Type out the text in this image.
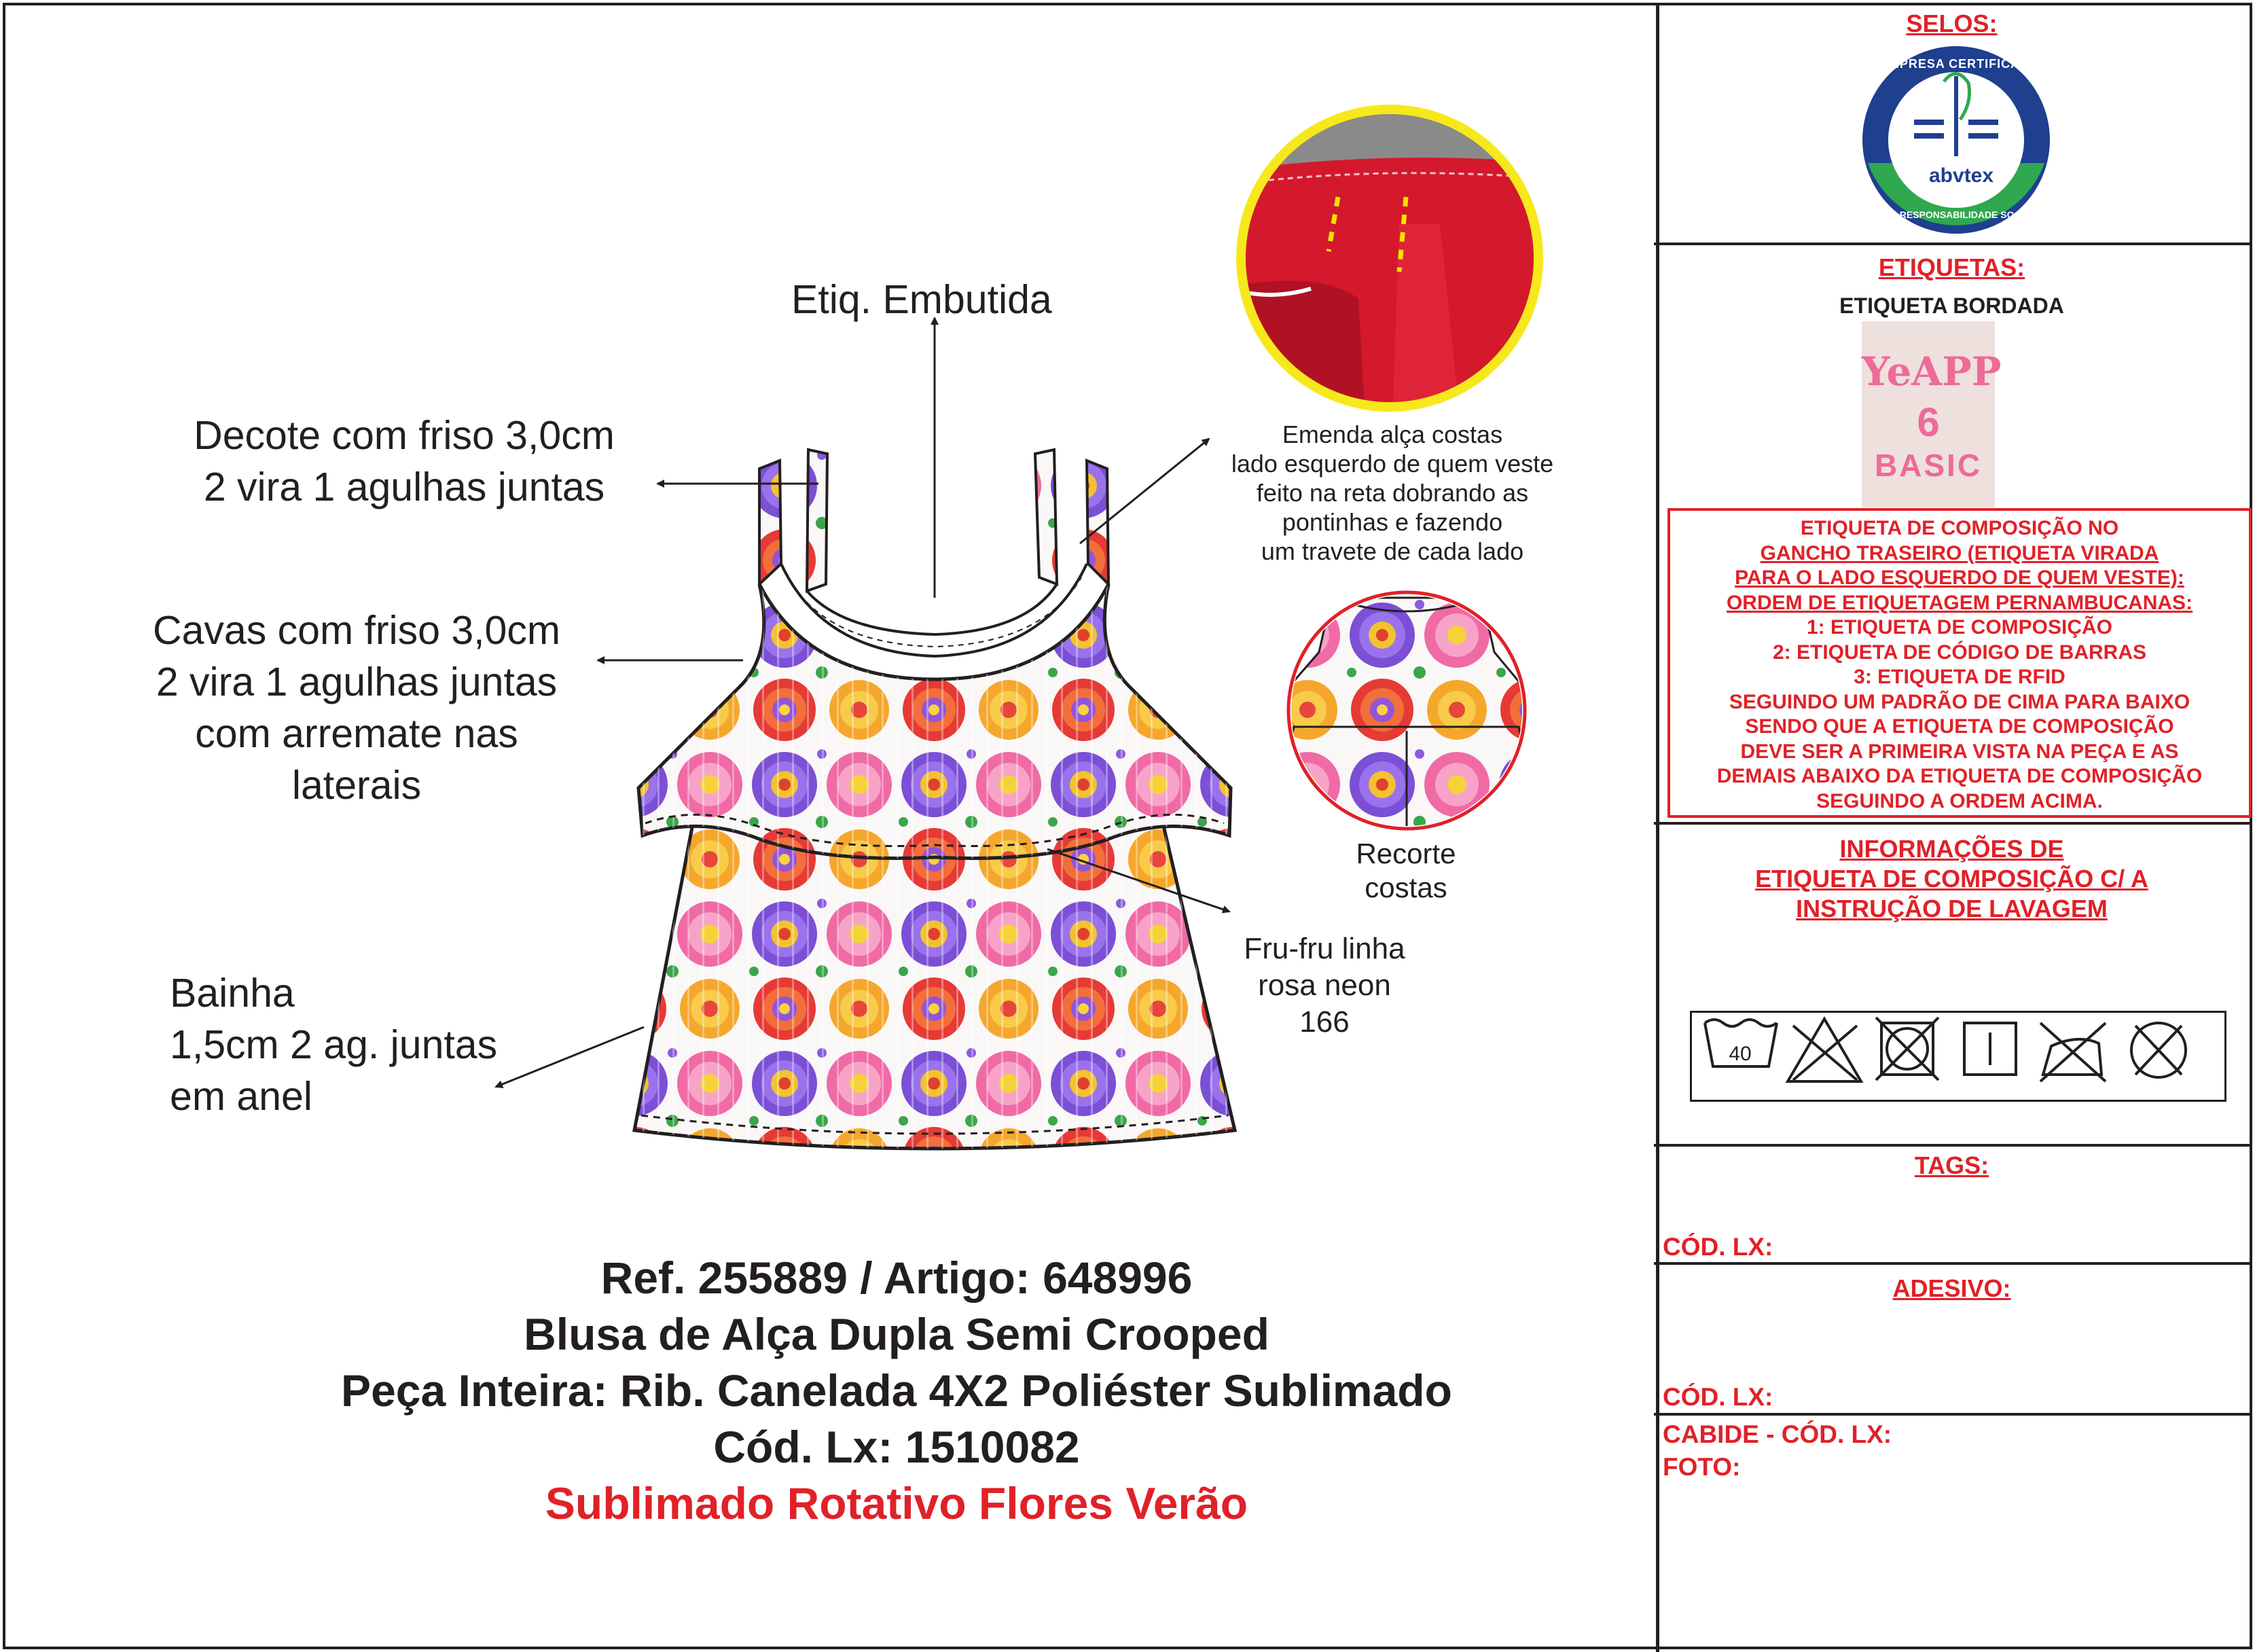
Etiq. Embutida
Decote com friso 3,0cm
2 vira 1 agulhas juntas
Cavas com friso 3,0cm
2 vira 1 agulhas juntas
com arremate nas
laterais
Bainha
1,5cm 2 ag. juntas
em anel
Emenda alça costas
lado esquerdo de quem veste
feito na reta dobrando as
pontinhas e fazendo
um travete de cada lado
Recorte
costas
Fru-fru linha
rosa neon
166
Ref. 255889 / Artigo: 648996
Blusa de Alça Dupla Semi Crooped
Peça Inteira: Rib. Canelada 4X2 Poliéster Sublimado
Cód. Lx: 1510082
Sublimado Rotativo Flores Verão
SELOS:
EMPRESA CERTIFICADA
abvtex
EM RESPONSABILIDADE SOCIAL
ETIQUETAS:
ETIQUETA BORDADA
YeAPP
6
BASIC
ETIQUETA DE COMPOSIÇÃO NO
GANCHO TRASEIRO (ETIQUETA VIRADA
PARA O LADO ESQUERDO DE QUEM VESTE):
ORDEM DE ETIQUETAGEM PERNAMBUCANAS:
1: ETIQUETA DE COMPOSIÇÃO
2: ETIQUETA DE CÓDIGO DE BARRAS
3: ETIQUETA DE RFID
SEGUINDO UM PADRÃO DE CIMA PARA BAIXO
SENDO QUE A ETIQUETA DE COMPOSIÇÃO
DEVE SER A PRIMEIRA VISTA NA PEÇA E AS
DEMAIS ABAIXO DA ETIQUETA DE COMPOSIÇÃO
SEGUINDO A ORDEM ACIMA.
INFORMAÇÕES DE
ETIQUETA DE COMPOSIÇÃO C/ A
INSTRUÇÃO DE LAVAGEM
40
TAGS:
CÓD. LX:
ADESIVO:
CÓD. LX:
CABIDE - CÓD. LX:
FOTO:
